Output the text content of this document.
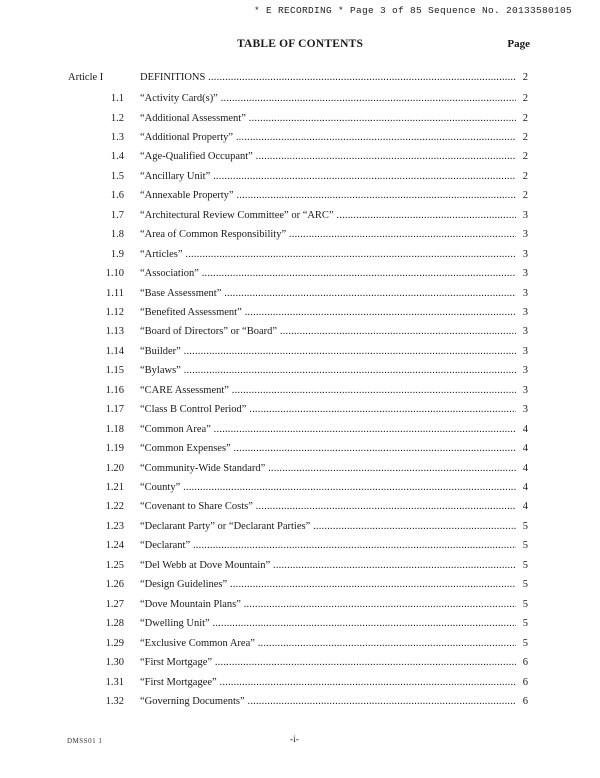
* E RECORDING * Page 3 of 85 Sequence No. 20133580105
TABLE OF CONTENTS	Page
Article I	DEFINITIONS .....	2
1.1 “Activity Card(s)” .....	2
1.2 “Additional Assessment” .....	2
1.3 “Additional Property” .....	2
1.4 “Age-Qualified Occupant” .....	2
1.5 “Ancillary Unit” .....	2
1.6 “Annexable Property” .....	2
1.7 “Architectural Review Committee” or “ARC” .....	3
1.8 “Area of Common Responsibility” .....	3
1.9 “Articles” .....	3
1.10 “Association” .....	3
1.11 “Base Assessment” .....	3
1.12 “Benefited Assessment” .....	3
1.13 “Board of Directors” or “Board” .....	3
1.14 “Builder” .....	3
1.15 “Bylaws” .....	3
1.16 “CARE Assessment” .....	3
1.17 “Class B Control Period” .....	3
1.18 “Common Area” .....	4
1.19 “Common Expenses” .....	4
1.20 “Community-Wide Standard” .....	4
1.21 “County” .....	4
1.22 “Covenant to Share Costs” .....	4
1.23 “Declarant Party” or “Declarant Parties” .....	5
1.24 “Declarant” .....	5
1.25 “Del Webb at Dove Mountain” .....	5
1.26 “Design Guidelines” .....	5
1.27 “Dove Mountain Plans” .....	5
1.28 “Dwelling Unit” .....	5
1.29 “Exclusive Common Area” .....	5
1.30 “First Mortgage” .....	6
1.31 “First Mortgagee” .....	6
1.32 “Governing Documents” .....	6
DMSS01 1	-i-
